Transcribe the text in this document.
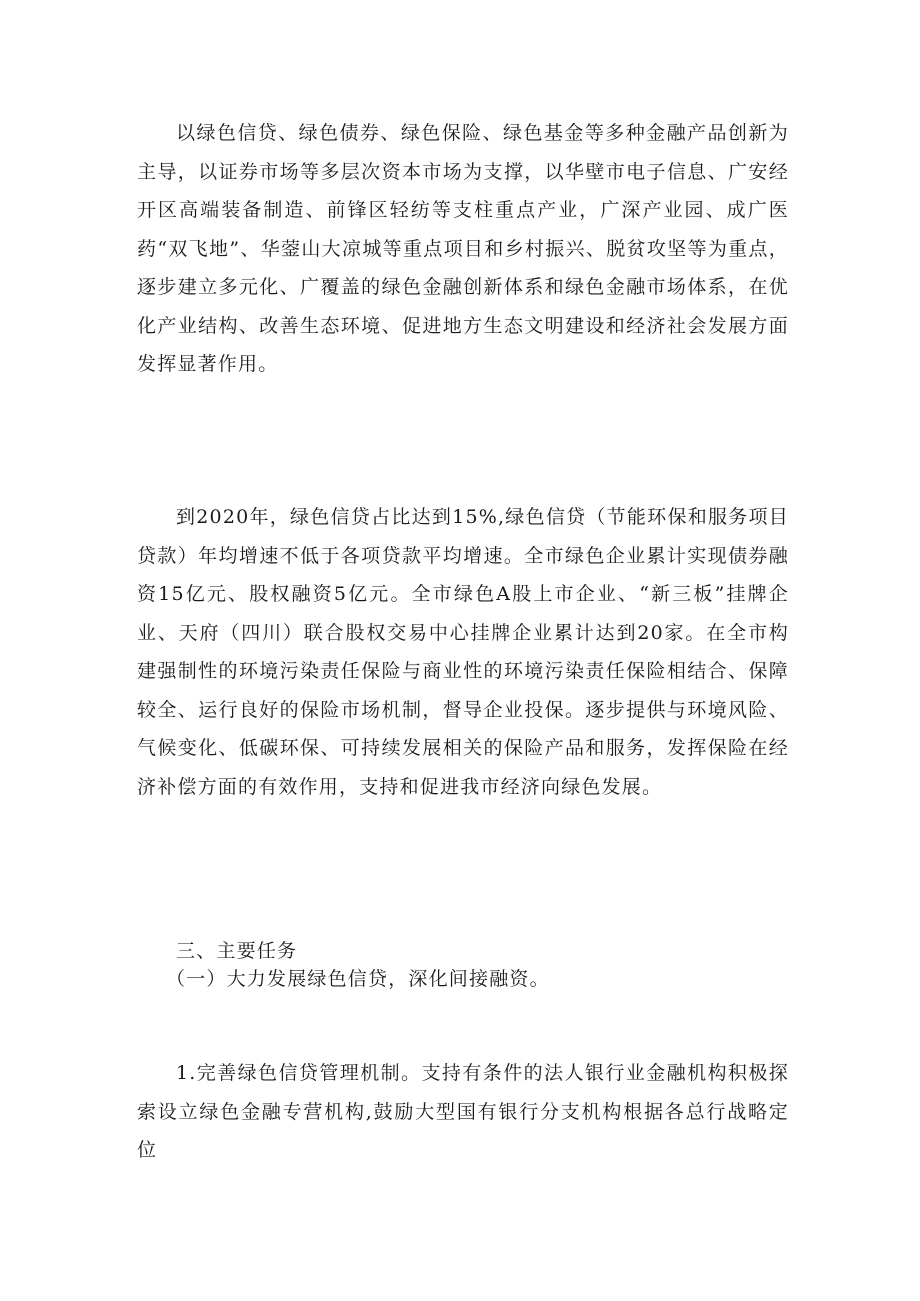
以绿色信贷、绿色债券、绿色保险、绿色基金等多种金融产品创新为主导，以证券市场等多层次资本市场为支撑，以华壁市电子信息、广安经开区高端装备制造、前锋区轻纺等支柱重点产业，广深产业园、成广医药“双飞地”、华蓥山大凉城等重点项目和乡村振兴、脱贫攻坚等为重点，逐步建立多元化、广覆盖的绿色金融创新体系和绿色金融市场体系，在优化产业结构、改善生态环境、促进地方生态文明建设和经济社会发展方面发挥显著作用。

到2020年，绿色信贷占比达到15%,绿色信贷（节能环保和服务项目贷款）年均增速不低于各项贷款平均增速。全市绿色企业累计实现债券融资15亿元、股权融资5亿元。全市绿色A股上市企业、“新三板”挂牌企业、天府（四川）联合股权交易中心挂牌企业累计达到20家。在全市构建强制性的环境污染责任保险与商业性的环境污染责任保险相结合、保障较全、运行良好的保险市场机制，督导企业投保。逐步提供与环境风险、气候变化、低碳环保、可持续发展相关的保险产品和服务，发挥保险在经济补偿方面的有效作用，支持和促进我市经济向绿色发展。

三、主要任务

（一）大力发展绿色信贷，深化间接融资。

1.完善绿色信贷管理机制。支持有条件的法人银行业金融机构积极探索设立绿色金融专营机构,鼓励大型国有银行分支机构根据各总行战略定位
